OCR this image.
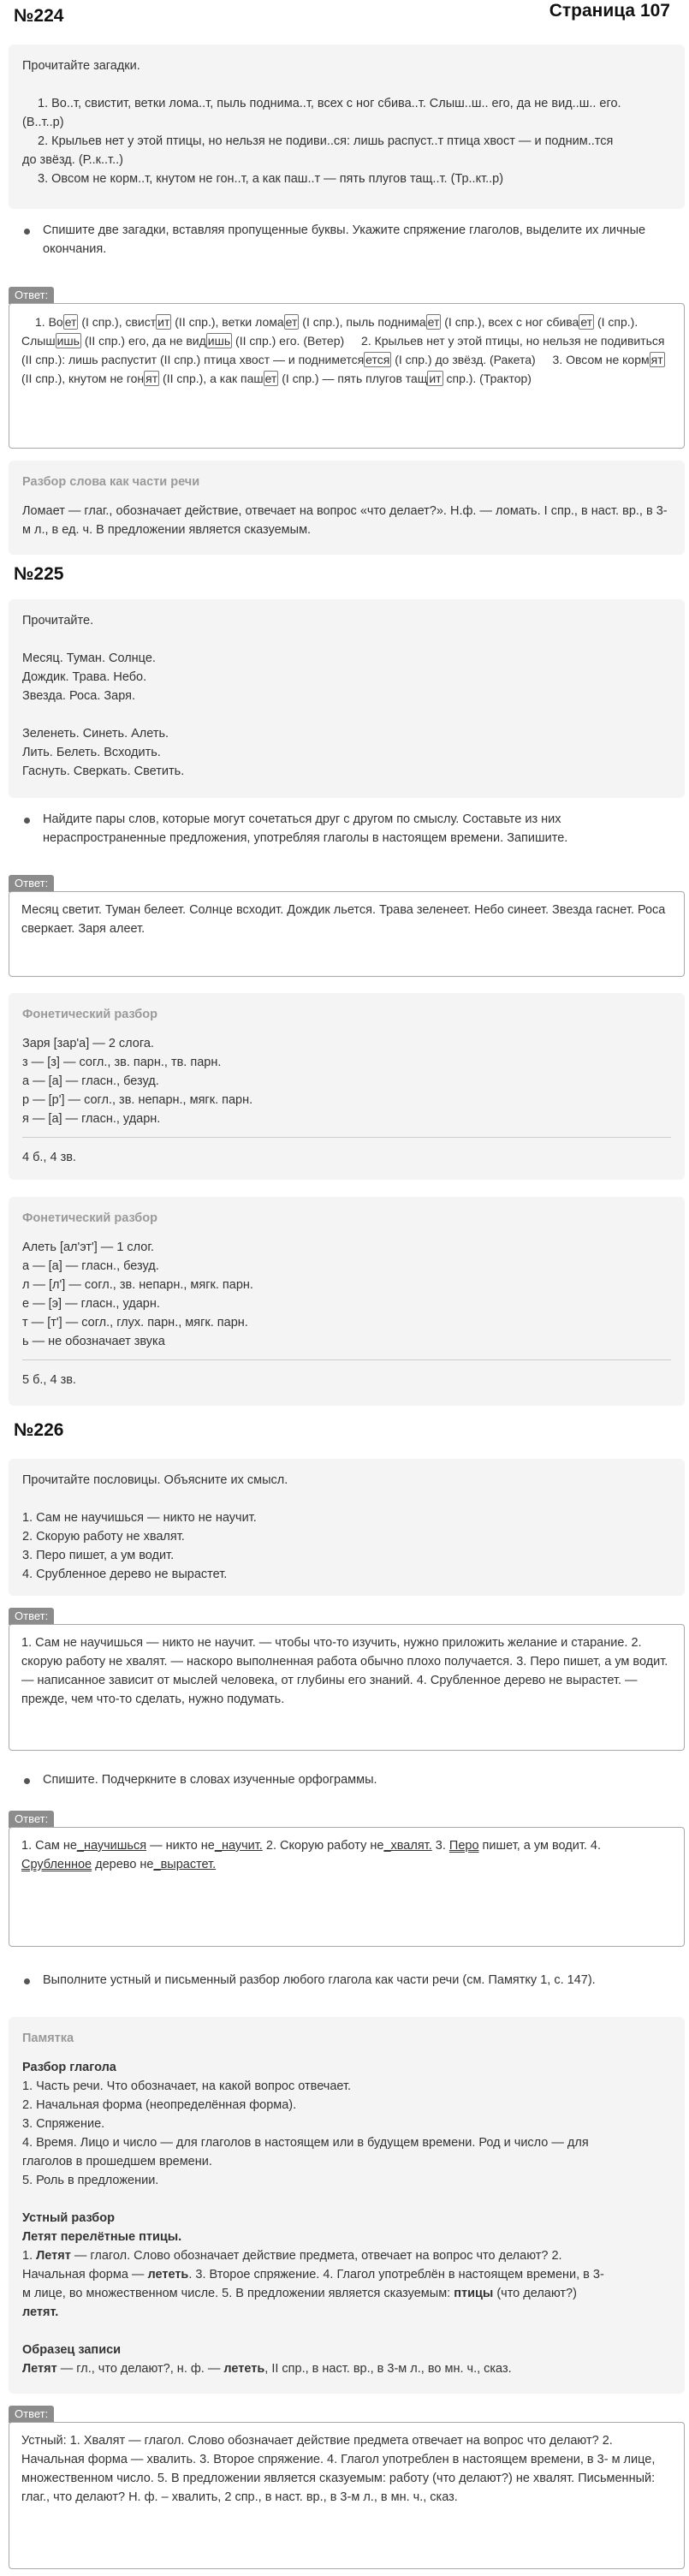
Страница 107
№224
Прочитайте загадки.
1. Во..т, свистит, ветки лома..т, пыль поднима..т, всех с ног сбива..т. Слыш..ш.. его, да не вид..ш.. его.
(В..т..р)
2. Крыльев нет у этой птицы, но нельзя не подиви..ся: лишь распуст..т птица хвост — и подним..тся
до звёзд. (Р..к..т..)
3. Овсом не корм..т, кнутом не гон..т, а как паш..т — пять плугов тащ..т. (Тр..кт..р)
Спишите две загадки, вставляя пропущенные буквы. Укажите спряжение глаголов, выделите их личные окончания.
Ответ:
1. Во ет (I спр.), свист ит (II спр.), ветки лома ет (I спр.), пыль поднима ет (I спр.), всех с ног сбива ет (I спр.). Слыш ишь (II спр.) его, да не вид ишь (II спр.) его. (Ветер) 2. Крыльев нет у этой птицы, но нельзя не подивиться (II спр.): лишь распустит (II спр.) птица хвост — и поднимется ется (I спр.) до звёзд. (Ракета) 3. Овсом не корм ят (II спр.), кнутом не гон ят (II спр.), а как паш ет (I спр.) — пять плугов тащ ит спр.). (Трактор)
Разбор слова как части речи
Ломает — глаг., обозначает действие, отвечает на вопрос «что делает?». Н.ф. — ломать. I спр., в наст. вр., в 3-м л., в ед. ч. В предложении является сказуемым.
№225
Прочитайте.
Месяц. Туман. Солнце.
Дождик. Трава. Небо.
Звезда. Роса. Заря.
Зеленеть. Синеть. Алеть.
Лить. Белеть. Всходить.
Гаснуть. Сверкать. Светить.
Найдите пары слов, которые могут сочетаться друг с другом по смыслу. Составьте из них нераспространенные предложения, употребляя глаголы в настоящем времени. Запишите.
Ответ:
Месяц светит. Туман белеет. Солнце всходит. Дождик льется. Трава зеленеет. Небо синеет. Звезда гаснет. Роса сверкает. Заря алеет.
Фонетический разбор
Заря [зар'а] — 2 слога.
з — [з] — согл., зв. парн., тв. парн.
а — [а] — гласн., безуд.
р — [р'] — согл., зв. непарн., мягк. парн.
я — [а] — гласн., ударн.
4 б., 4 зв.
Фонетический разбор
Алеть [ал'эт'] — 1 слог.
а — [а] — гласн., безуд.
л — [л'] — согл., зв. непарн., мягк. парн.
е — [э] — гласн., ударн.
т — [т'] — согл., глух. парн., мягк. парн.
ь — не обозначает звука
5 б., 4 зв.
№226
Прочитайте пословицы. Объясните их смысл.
1. Сам не научишься — никто не научит.
2. Скорую работу не хвалят.
3. Перо пишет, а ум водит.
4. Срубленное дерево не вырастет.
Ответ:
1. Сам не научишься — никто не научит. — чтобы что-то изучить, нужно приложить желание и старание. 2. скорую работу не хвалят. — наскоро выполненная работа обычно плохо получается. 3. Перо пишет, а ум водит. — написанное зависит от мыслей человека, от глубины его знаний. 4. Срубленное дерево не вырастет. — прежде, чем что-то сделать, нужно подумать.
Спишите. Подчеркните в словах изученные орфограммы.
Ответ:
1. Сам не_научишься — никто не_научит. 2. Скорую работу не_хвалят. 3. Перо пишет, а ум водит. 4. Срубленное дерево не_вырастет.
Выполните устный и письменный разбор любого глагола как части речи (см. Памятку 1, с. 147).
Памятка
Разбор глагола
1. Часть речи. Что обозначает, на какой вопрос отвечает.
2. Начальная форма (неопределённая форма).
3. Спряжение.
4. Время. Лицо и число — для глаголов в настоящем или в будущем времени. Род и число — для
глаголов в прошедшем времени.
5. Роль в предложении.
Устный разбор
Летят перелётные птицы.
1. Летят — глагол. Слово обозначает действие предмета, отвечает на вопрос что делают? 2.
Начальная форма — лететь. 3. Второе спряжение. 4. Глагол употреблён в настоящем времени, в 3-
м лице, во множественном числе. 5. В предложении является сказуемым: птицы (что делают?)
летят.
Образец записи
Летят — гл., что делают?, н. ф. — лететь, II спр., в наст. вр., в 3-м л., во мн. ч., сказ.
Ответ:
Устный: 1. Хвалят — глагол. Слово обозначает действие предмета отвечает на вопрос что делают? 2. Начальная форма — хвалить. 3. Второе спряжение. 4. Глагол употреблен в настоящем времени, в 3- м лице, множественном число. 5. В предложении является сказуемым: работу (что делают?) не хвалят. Письменный: глаг., что делают? Н. ф. – хвалить, 2 спр., в наст. вр., в 3-м л., в мн. ч., сказ.
